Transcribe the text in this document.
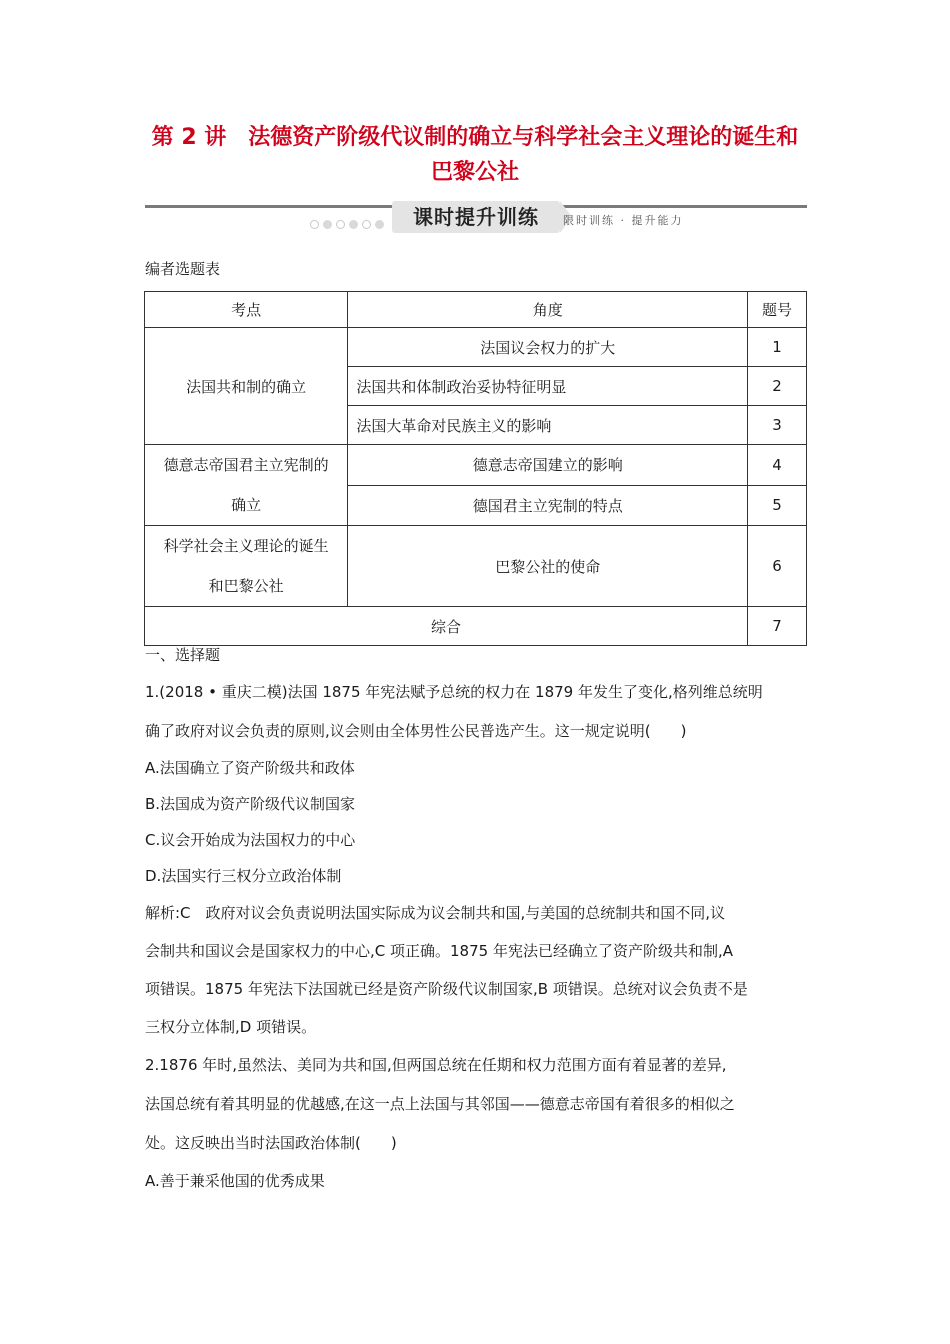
第 2 讲　法德资产阶级代议制的确立与科学社会主义理论的诞生和
巴黎公社
课时提升训练	限时训练 · 提升能力
编者选题表
考点	角度	题号
法国共和制的确立	法国议会权力的扩大	1
	法国共和体制政治妥协特征明显	2
	法国大革命对民族主义的影响	3

德意志帝国君主立宪制的
确立	德意志帝国建立的影响	4
	德国君主立宪制的特点	5

科学社会主义理论的诞生
和巴黎公社	巴黎公社的使命	6
综合		7
一、选择题
1.(2018 • 重庆二模)法国 1875 年宪法赋予总统的权力在 1879 年发生了变化,格列维总统明
确了政府对议会负责的原则,议会则由全体男性公民普选产生。这一规定说明(　　)
A.法国确立了资产阶级共和政体
B.法国成为资产阶级代议制国家
C.议会开始成为法国权力的中心
D.法国实行三权分立政治体制
解析:C　政府对议会负责说明法国实际成为议会制共和国,与美国的总统制共和国不同,议
会制共和国议会是国家权力的中心,C 项正确。1875 年宪法已经确立了资产阶级共和制,A
项错误。1875 年宪法下法国就已经是资产阶级代议制国家,B 项错误。总统对议会负责不是
三权分立体制,D 项错误。
2.1876 年时,虽然法、美同为共和国,但两国总统在任期和权力范围方面有着显著的差异,
法国总统有着其明显的优越感,在这一点上法国与其邻国——德意志帝国有着很多的相似之
处。这反映出当时法国政治体制(　　)
A.善于兼采他国的优秀成果
